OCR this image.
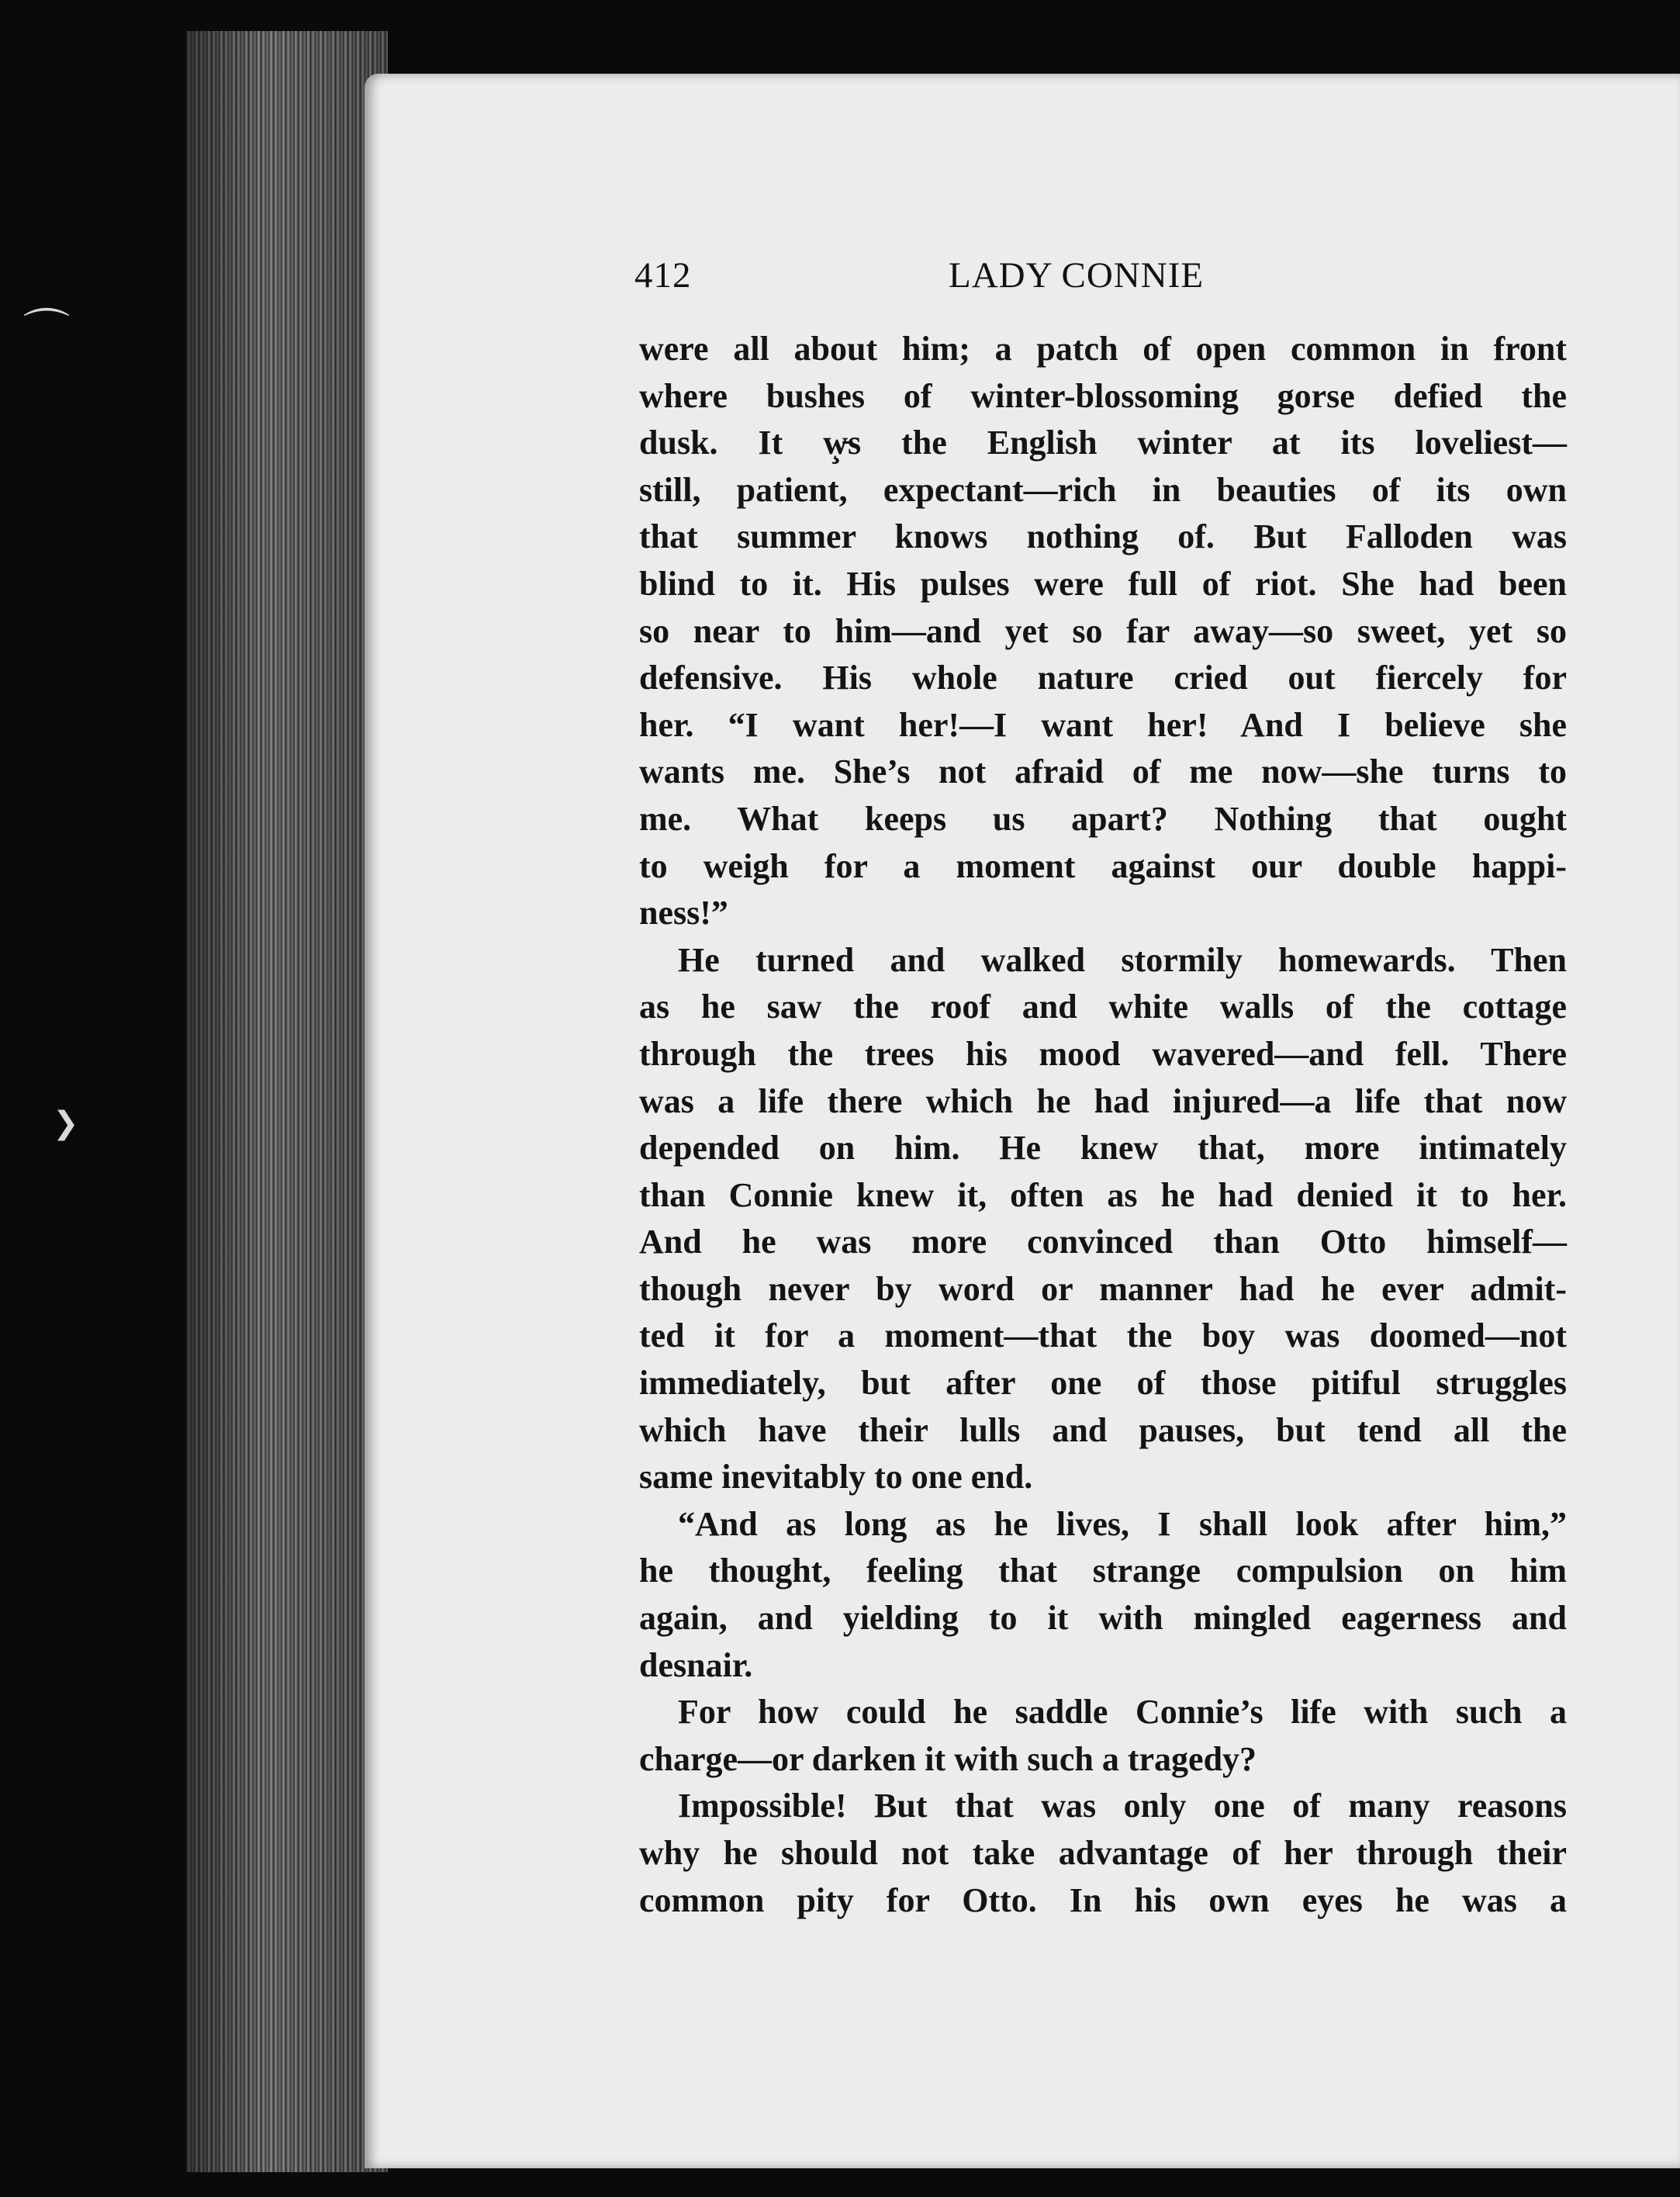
⌒
❯
412	LADY CONNIE
were all about him; a patch of open common in front
where bushes of winter-blossoming gorse defied the
dusk. It w̵̧s the English winter at its loveliest—
still, patient, expectant—rich in beauties of its own
that summer knows nothing of. But Falloden was
blind to it. His pulses were full of riot. She had been
so near to him—and yet so far away—so sweet, yet so
defensive. His whole nature cried out fiercely for
her. “I want her!—I want her! And I believe she
wants me. She’s not afraid of me now—she turns to
me. What keeps us apart? Nothing that ought
to weigh for a moment against our double happi-
ness!”
He turned and walked stormily homewards. Then
as he saw the roof and white walls of the cottage
through the trees his mood wavered—and fell. There
was a life there which he had injured—a life that now
depended on him. He knew that, more intimately
than Connie knew it, often as he had denied it to her.
And he was more convinced than Otto himself—
though never by word or manner had he ever admit-
ted it for a moment—that the boy was doomed—not
immediately, but after one of those pitiful struggles
which have their lulls and pauses, but tend all the
same inevitably to one end.
“And as long as he lives, I shall look after him,”
he thought, feeling that strange compulsion on him
again, and yielding to it with mingled eagerness and
desnair.
For how could he saddle Connie’s life with such a
charge—or darken it with such a tragedy?
Impossible! But that was only one of many reasons
why he should not take advantage of her through their
common pity for Otto. In his own eyes he was a
